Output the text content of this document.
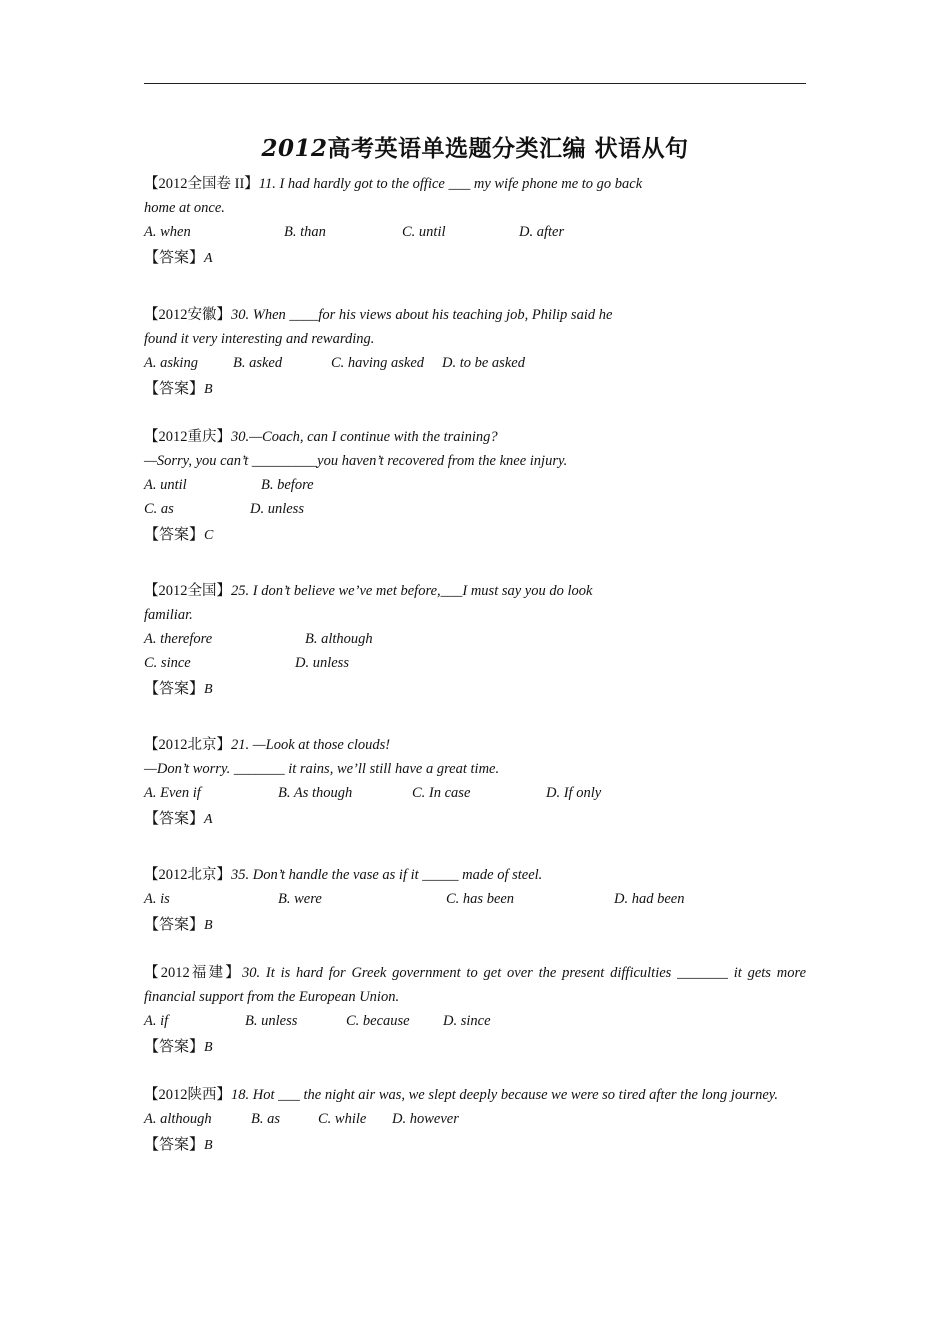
2012高考英语单选题分类汇编 状语从句
【2012全国卷 II】11. I had hardly got to the office ___ my wife phone me to go back
home at once.
A. when	B. than	C. until	D. after
【答案】A
【2012安徽】30. When ____for his views about his teaching job, Philip said he
found it very interesting and rewarding.
A. asking	B. asked	C. having asked	D. to be asked
【答案】B
【2012重庆】30.—Coach, can I continue with the training?
—Sorry, you can’t _________you haven’t recovered from the knee injury.
A. until	B. before
C. as	D. unless
【答案】C
【2012全国】25. I don’t believe we’ve met before,___I must say you do look
familiar.
A. therefore	B. although
C. since	D. unless
【答案】B
【2012北京】21. —Look at those clouds!
—Don’t worry. _______ it rains, we’ll still have a great time.
A. Even if	B. As though	C. In case	D. If only
【答案】A
【2012北京】35. Don’t handle the vase as if it _____ made of steel.
A. is	B. were	C. has been	D. had been
【答案】B
【2012福建】30. It is hard for Greek government to get over the present difficulties _______ it gets more
financial support from the European Union.
A. if	B. unless	C. because	D. since
【答案】B
【2012陕西】18. Hot ___ the night air was, we slept deeply because we were so tired after the long journey.
A. although	B. as	C. while	D. however
【答案】B
